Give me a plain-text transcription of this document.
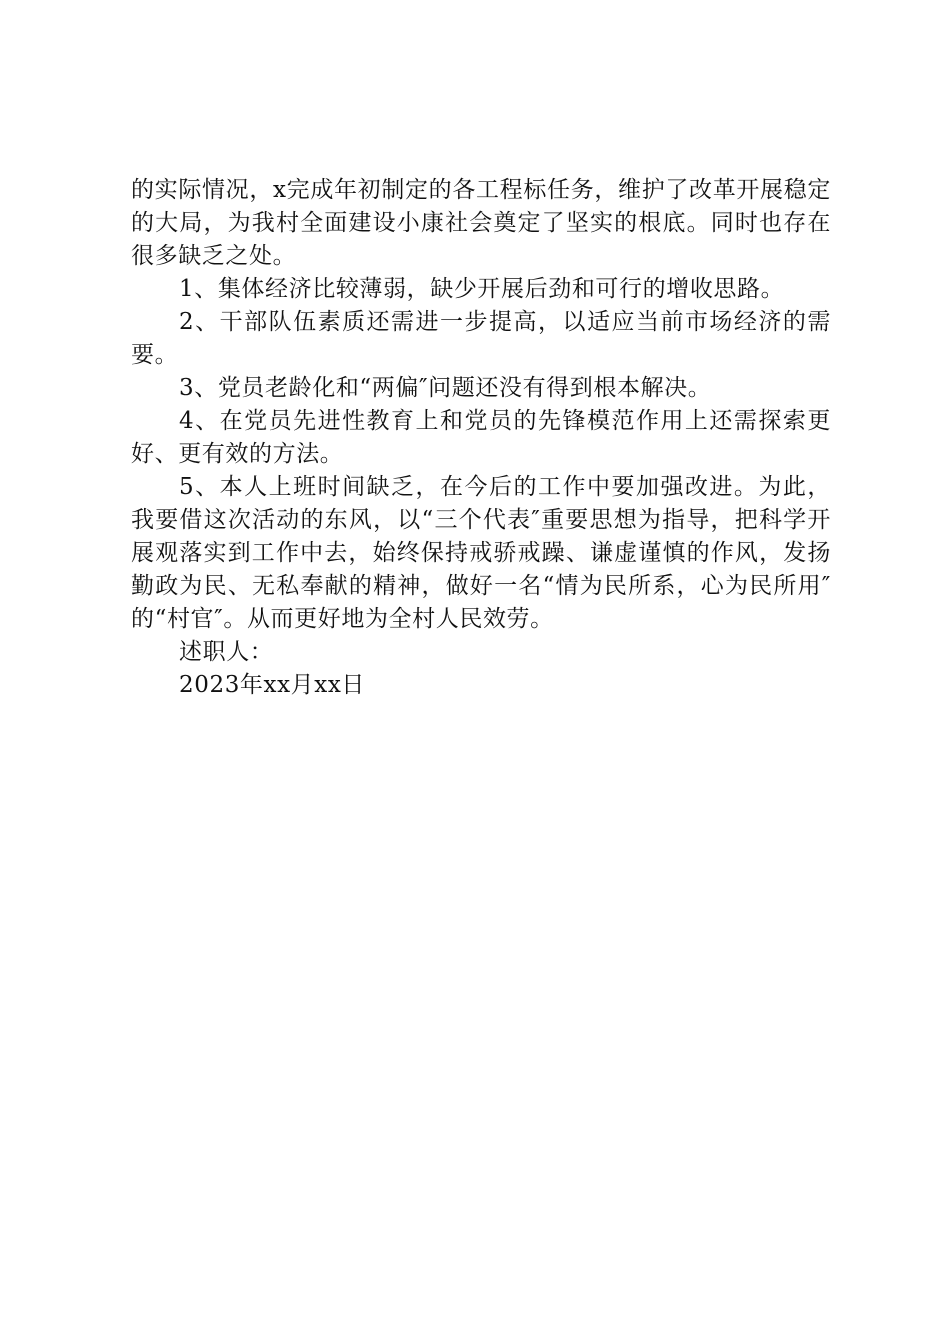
的实际情况，x完成年初制定的各工程标任务，维护了改革开展稳定的大局，为我村全面建设小康社会奠定了坚实的根底。同时也存在很多缺乏之处。

1、集体经济比较薄弱，缺少开展后劲和可行的增收思路。

2、干部队伍素质还需进一步提高，以适应当前市场经济的需要。

3、党员老龄化和“两偏″问题还没有得到根本解决。

4、在党员先进性教育上和党员的先锋模范作用上还需探索更好、更有效的方法。

5、本人上班时间缺乏，在今后的工作中要加强改进。为此，我要借这次活动的东风，以“三个代表″重要思想为指导，把科学开展观落实到工作中去，始终保持戒骄戒躁、谦虚谨慎的作风，发扬勤政为民、无私奉献的精神，做好一名“情为民所系，心为民所用″的“村官″。从而更好地为全村人民效劳。

述职人：

2023年xx月xx日
